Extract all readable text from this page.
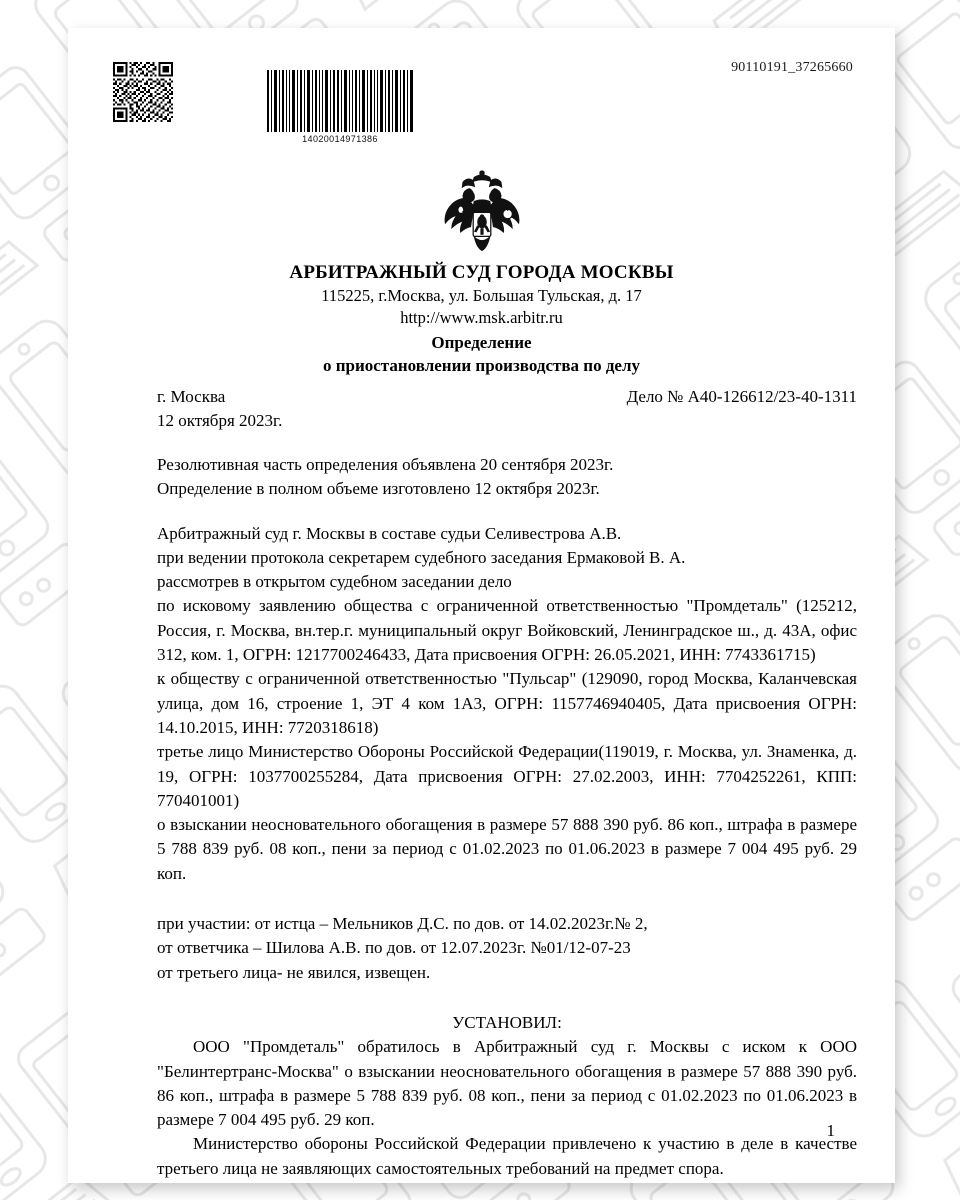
14020014971386
90110191_37265660
АРБИТРАЖНЫЙ СУД ГОРОДА МОСКВЫ
115225, г.Москва, ул. Большая Тульская, д. 17
http://www.msk.arbitr.ru
Определение
о приостановлении производства по делу
г. Москва	Дело № А40-126612/23-40-1311
12 октября 2023г.
Резолютивная часть определения объявлена 20 сентября 2023г.
Определение в полном объеме изготовлено 12 октября 2023г.
Арбитражный суд г. Москвы в составе судьи Селивестрова А.В.
при ведении протокола секретарем судебного заседания Ермаковой В. А.
рассмотрев в открытом судебном заседании дело

по исковому заявлению общества с ограниченной ответственностью "Промдеталь" (125212, Россия, г. Москва, вн.тер.г. муниципальный округ Войковский, Ленинградское ш., д. 43А, офис 312, ком. 1, ОГРН: 1217700246433, Дата присвоения ОГРН: 26.05.2021, ИНН: 7743361715)

к обществу с ограниченной ответственностью "Пульсар" (129090, город Москва, Каланчевская улица, дом 16, строение 1, ЭТ 4 ком 1А3, ОГРН: 1157746940405, Дата присвоения ОГРН: 14.10.2015, ИНН: 7720318618)

третье лицо Министерство Обороны Российской Федерации(119019, г. Москва, ул. Знаменка, д. 19, ОГРН: 1037700255284, Дата присвоения ОГРН: 27.02.2003, ИНН: 7704252261, КПП: 770401001)

о взыскании неосновательного обогащения в размере 57 888 390 руб. 86 коп., штрафа в размере 5 788 839 руб. 08 коп., пени за период с 01.02.2023 по 01.06.2023 в размере 7 004 495 руб. 29 коп.

при участии: от истца – Мельников Д.С. по дов. от 14.02.2023г.№ 2,
от ответчика – Шилова А.В. по дов. от 12.07.2023г. №01/12-07-23
от третьего лица- не явился, извещен.
УСТАНОВИЛ:

ООО "Промдеталь" обратилось в Арбитражный суд г. Москвы с иском к ООО "Белинтертранс-Москва" о взыскании неосновательного обогащения в размере 57 888 390 руб. 86 коп., штрафа в размере 5 788 839 руб. 08 коп., пени за период с 01.02.2023 по 01.06.2023 в размере 7 004 495 руб. 29 коп.

Министерство обороны Российской Федерации привлечено к участию в деле в качестве третьего лица не заявляющих самостоятельных требований на предмет спора.

1
